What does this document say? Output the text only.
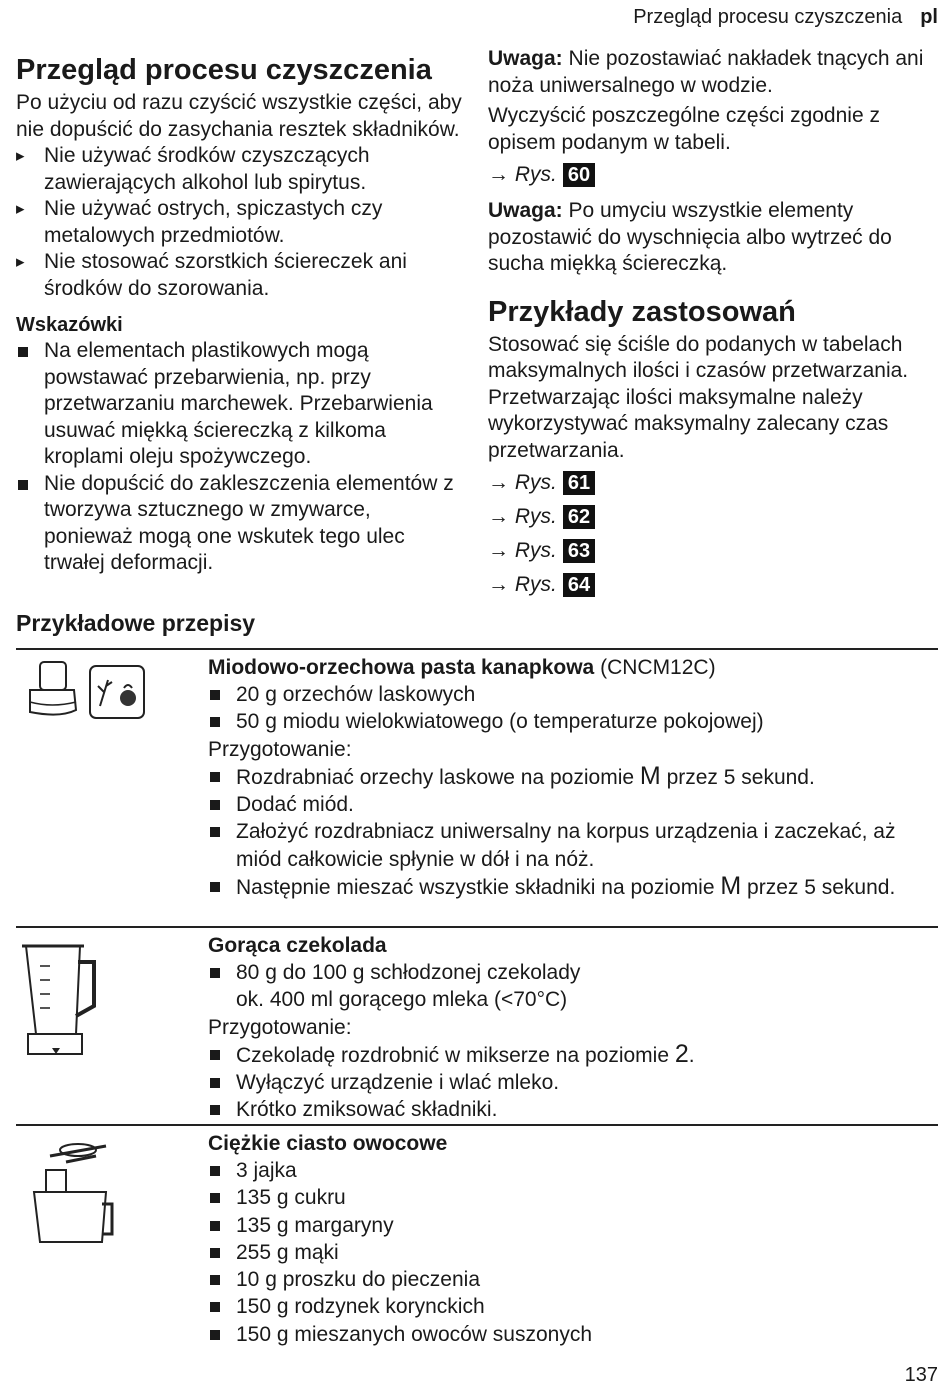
Przegląd procesu czyszczenia pl
Przegląd procesu czyszczenia

Po użyciu od razu czyścić wszystkie części, aby nie dopuścić do zasychania resztek składników.

▸ Nie używać środków czyszczących zawierających alkohol lub spirytus.
▸ Nie używać ostrych, spiczastych czy metalowych przedmiotów.
▸ Nie stosować szorstkich ściereczek ani środków do szorowania.
Wskazówki
Na elementach plastikowych mogą powstawać przebarwienia, np. przy przetwarzaniu marchewek. Przebarwienia usuwać miękką ściereczką z kilkoma kroplami oleju spożywczego.
Nie dopuścić do zakleszczenia elementów z tworzywa sztucznego w zmywarce, ponieważ mogą one wskutek tego ulec trwałej deformacji.

Uwaga: Nie pozostawiać nakładek tnących ani noża uniwersalnego w wodzie.

Wyczyścić poszczególne części zgodnie z opisem podanym w tabeli.

→ Rys. 60

Uwaga: Po umyciu wszystkie elementy pozostawić do wyschnięcia albo wytrzeć do sucha miękką ściereczką.

Przykłady zastosowań

Stosować się ściśle do podanych w tabelach maksymalnych ilości i czasów przetwarzania. Przetwarzając ilości maksymalne należy wykorzystywać maksymalny zalecany czas przetwarzania.

→ Rys. 61
→ Rys. 62
→ Rys. 63
→ Rys. 64
Przykładowe przepisy
Miodowo-orzechowa pasta kanapkowa (CNCM12C)
20 g orzechów laskowych
50 g miodu wielokwiatowego (o temperaturze pokojowej)
Przygotowanie:
Rozdrabniać orzechy laskowe na poziomie M przez 5 sekund.
Dodać miód.
Założyć rozdrabniacz uniwersalny na korpus urządzenia i zaczekać, aż miód całkowicie spłynie w dół i na nóż.
Następnie mieszać wszystkie składniki na poziomie M przez 5 sekund.
Gorąca czekolada
80 g do 100 g schłodzonej czekolady
ok. 400 ml gorącego mleka (<70°C)
Przygotowanie:
Czekoladę rozdrobnić w mikserze na poziomie 2.
Wyłączyć urządzenie i wlać mleko.
Krótko zmiksować składniki.
Ciężkie ciasto owocowe
3 jajka
135 g cukru
135 g margaryny
255 g mąki
10 g proszku do pieczenia
150 g rodzynek korynckich
150 g mieszanych owoców suszonych
137
